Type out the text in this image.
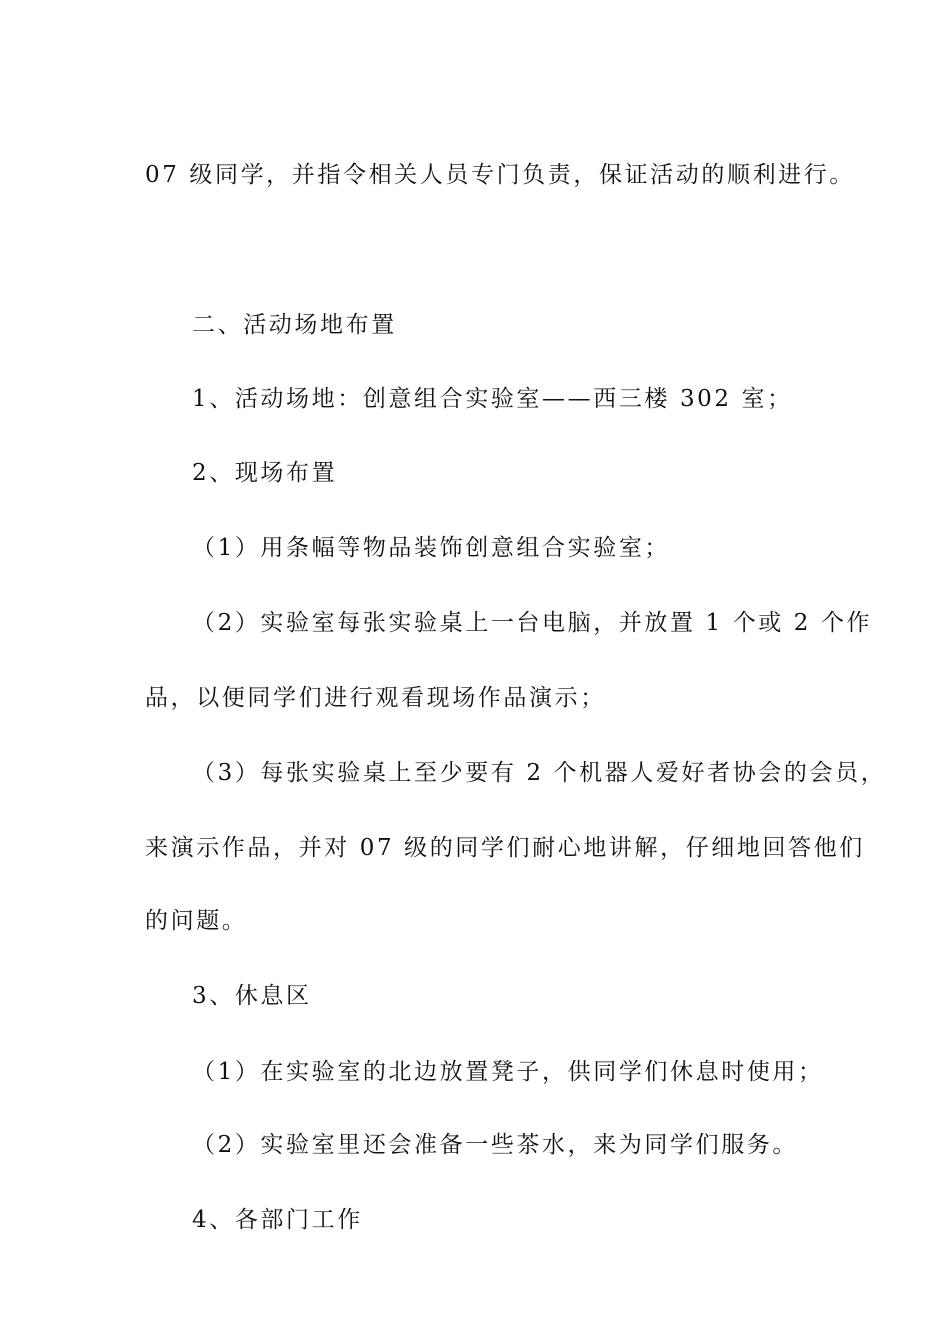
07 级同学，并指令相关人员专门负责，保证活动的顺利进行。

二、活动场地布置

1、活动场地：创意组合实验室——西三楼 302 室；

2、现场布置

（1）用条幅等物品装饰创意组合实验室；

（2）实验室每张实验桌上一台电脑，并放置 1 个或 2 个作

品，以便同学们进行观看现场作品演示；

（3）每张实验桌上至少要有 2 个机器人爱好者协会的会员，

来演示作品，并对 07 级的同学们耐心地讲解，仔细地回答他们

的问题。

3、休息区

（1）在实验室的北边放置凳子，供同学们休息时使用；

（2）实验室里还会准备一些茶水，来为同学们服务。

4、各部门工作
